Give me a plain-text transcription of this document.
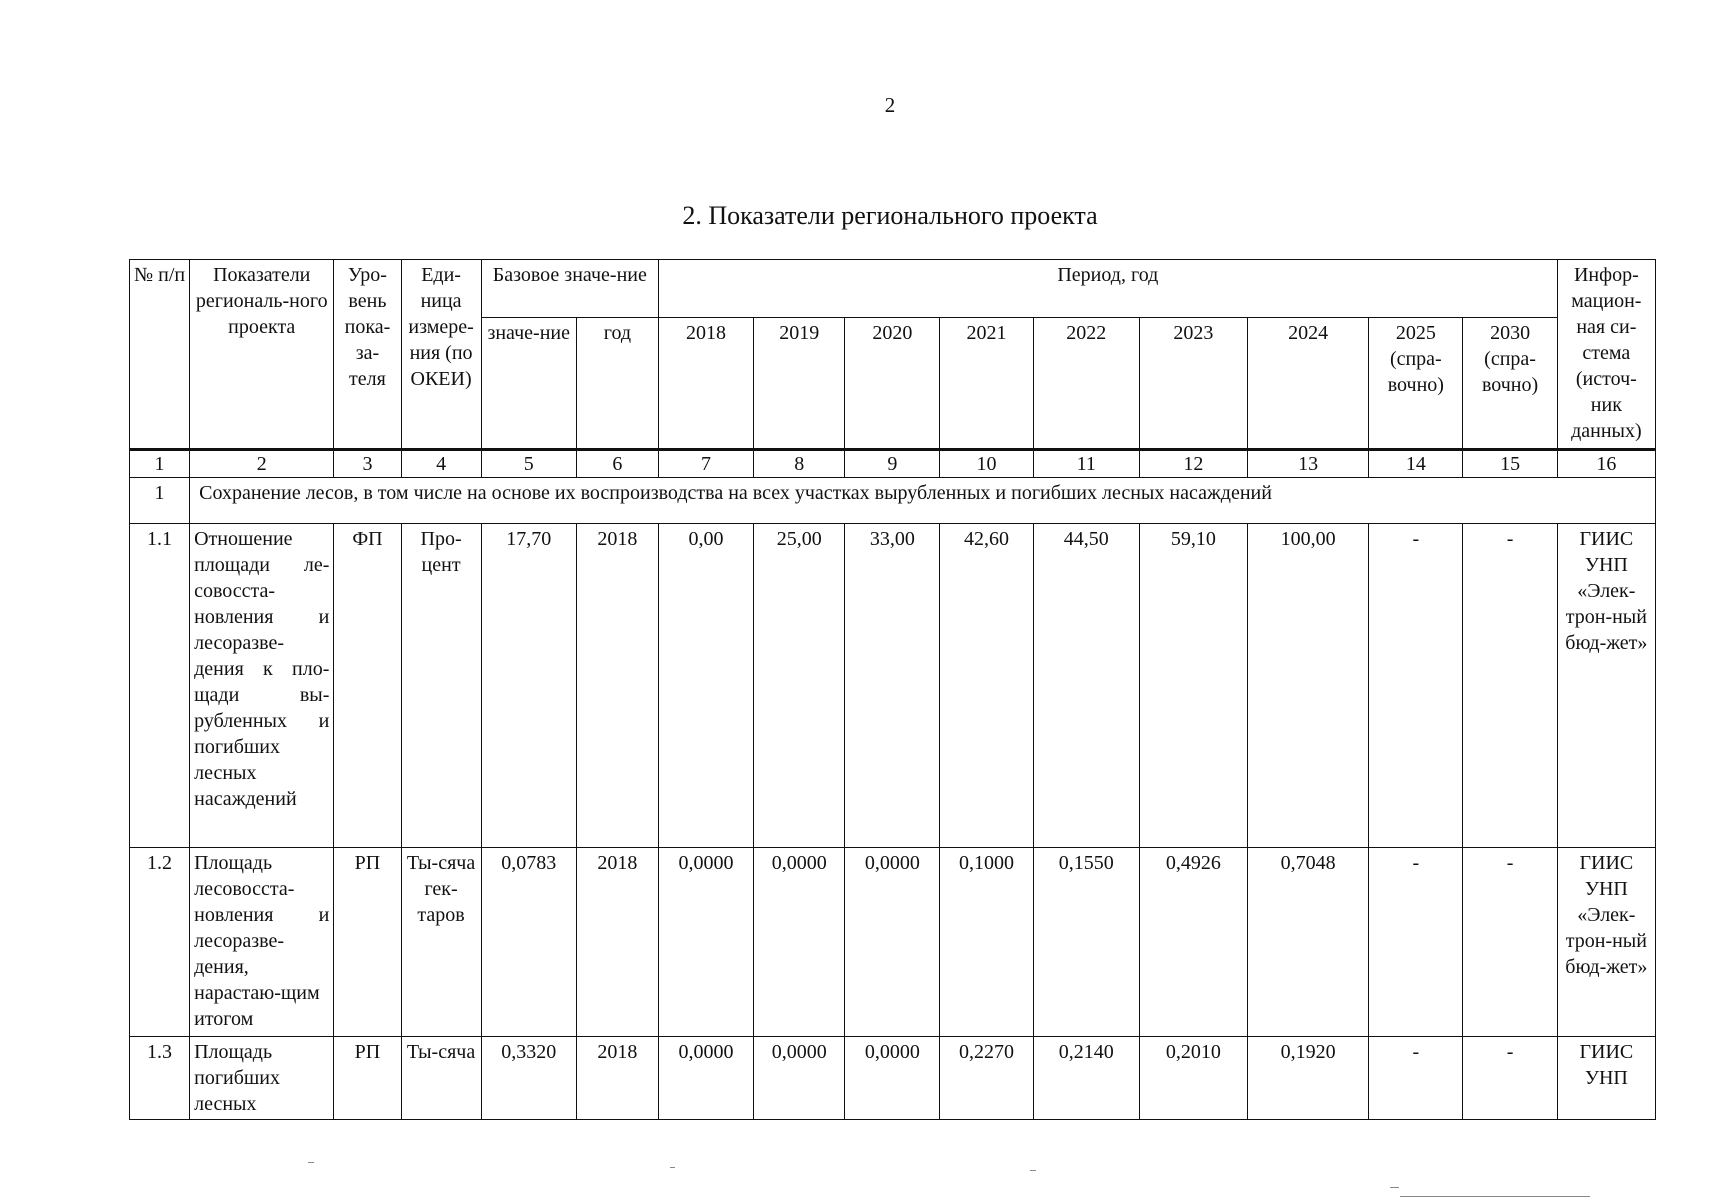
2
2. Показатели регионального проекта
№ п/п	Показатели региональ-ного проекта	Уро-вень пока-за-теля	Еди-ница измере-ния (по ОКЕИ)	Базовое значе-ние		Период, год									Инфор-мацион-ная си-стема (источ-ник данных)
				значе-ние	год	2018	2019	2020	2021	2022	2023	2024	2025 (спра-вочно)	2030 (спра-вочно)	
1	2	3	4	5	6	7	8	9	10	11	12	13	14	15	16
1	Сохранение лесов, в том числе на основе их воспроизводства на всех участках вырубленных и погибших лесных насаждений														
1.1	Отношение площади ле-совосста-новления и лесоразве-дения к пло-щади вы-рубленных и погибших лесных насаждений	ФП	Про-цент	17,70	2018	0,00	25,00	33,00	42,60	44,50	59,10	100,00	-	-	ГИИС УНП «Элек-трон-ный бюд-жет»
1.2	Площадь лесовосста-новления и лесоразве-дения, нарастаю-щим итогом	РП	Ты-сяча гек-таров	0,0783	2018	0,0000	0,0000	0,0000	0,1000	0,1550	0,4926	0,7048	-	-	ГИИС УНП «Элек-трон-ный бюд-жет»
1.3	Площадь погибших лесных	РП	Ты-сяча	0,3320	2018	0,0000	0,0000	0,0000	0,2270	0,2140	0,2010	0,1920	-	-	ГИИС УНП
